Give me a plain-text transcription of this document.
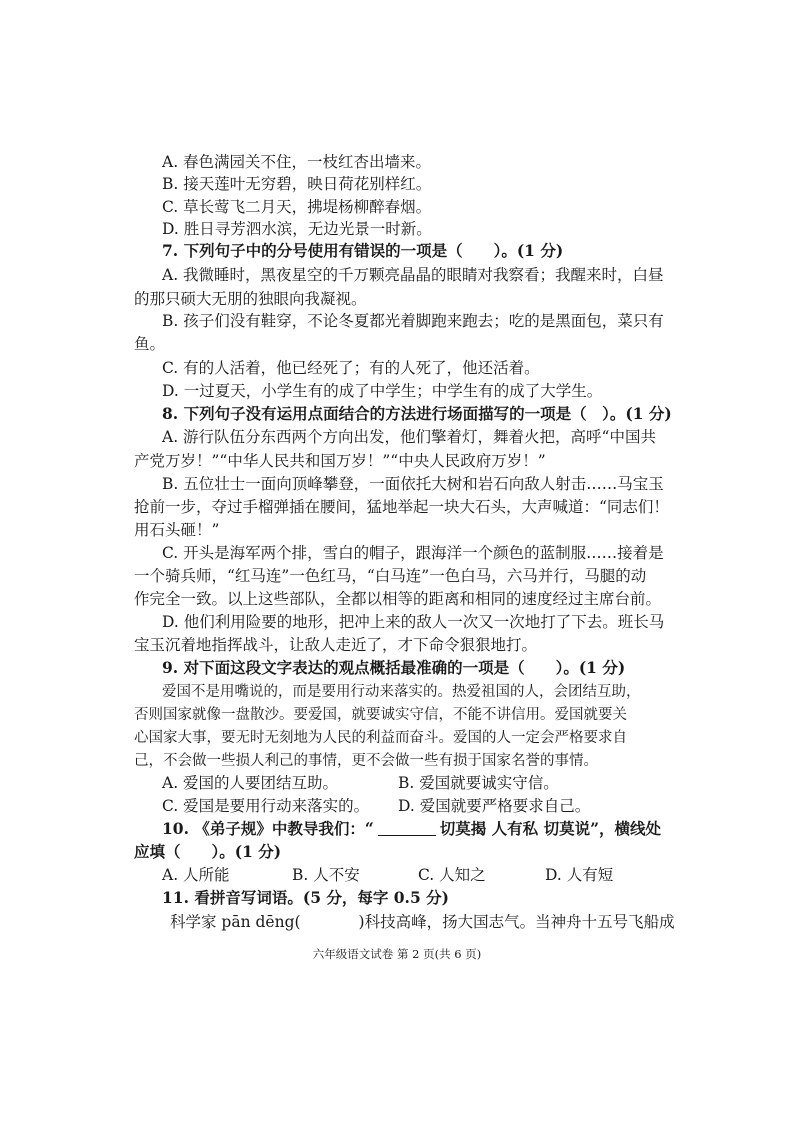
A. 春色满园关不住，一枝红杏出墙来。
B. 接天莲叶无穷碧，映日荷花别样红。
C. 草长莺飞二月天，拂堤杨柳醉春烟。
D. 胜日寻芳泗水滨，无边光景一时新。
7. 下列句子中的分号使用有错误的一项是（　　）。(1 分)
A. 我微睡时，黑夜星空的千万颗亮晶晶的眼睛对我察看；我醒来时，白昼
的那只硕大无朋的独眼向我凝视。
B. 孩子们没有鞋穿，不论冬夏都光着脚跑来跑去；吃的是黑面包，菜只有
鱼。
C. 有的人活着，他已经死了；有的人死了，他还活着。
D. 一过夏天，小学生有的成了中学生；中学生有的成了大学生。
8. 下列句子没有运用点面结合的方法进行场面描写的一项是（　）。(1 分)
A. 游行队伍分东西两个方向出发，他们擎着灯，舞着火把，高呼“中国共
产党万岁！”“中华人民共和国万岁！”“中央人民政府万岁！”
B. 五位壮士一面向顶峰攀登，一面依托大树和岩石向敌人射击……马宝玉
抢前一步，夺过手榴弹插在腰间，猛地举起一块大石头，大声喊道：“同志们！
用石头砸！”
C. 开头是海军两个排，雪白的帽子，跟海洋一个颜色的蓝制服……接着是
一个骑兵师，“红马连”一色红马，“白马连”一色白马，六马并行，马腿的动
作完全一致。以上这些部队，全都以相等的距离和相同的速度经过主席台前。
D. 他们利用险要的地形，把冲上来的敌人一次又一次地打了下去。班长马
宝玉沉着地指挥战斗，让敌人走近了，才下命令狠狠地打。
9. 对下面这段文字表达的观点概括最准确的一项是（　　）。(1 分)
爱国不是用嘴说的，而是要用行动来落实的。热爱祖国的人，会团结互助，
否则国家就像一盘散沙。要爱国，就要诚实守信，不能不讲信用。爱国就要关
心国家大事，要无时无刻地为人民的利益而奋斗。爱国的人一定会严格要求自
己，不会做一些损人利己的事情，更不会做一些有损于国家名誉的事情。
A. 爱国的人要团结互助。	B. 爱国就要诚实守信。
C. 爱国是要用行动来落实的。 D. 爱国就要严格要求自己。
10. 《弟子规》中教导我们：“	切莫揭 人有私 切莫说”，横线处
应填（　　）。(1 分)
A. 人所能	B. 人不安	C. 人知之	D. 人有短
11. 看拼音写词语。(5 分，每字 0.5 分)
科学家 pān dēng(	)科技高峰，扬大国志气。当神舟十五号飞船成
六年级语文试卷 第 2 页(共 6 页)
